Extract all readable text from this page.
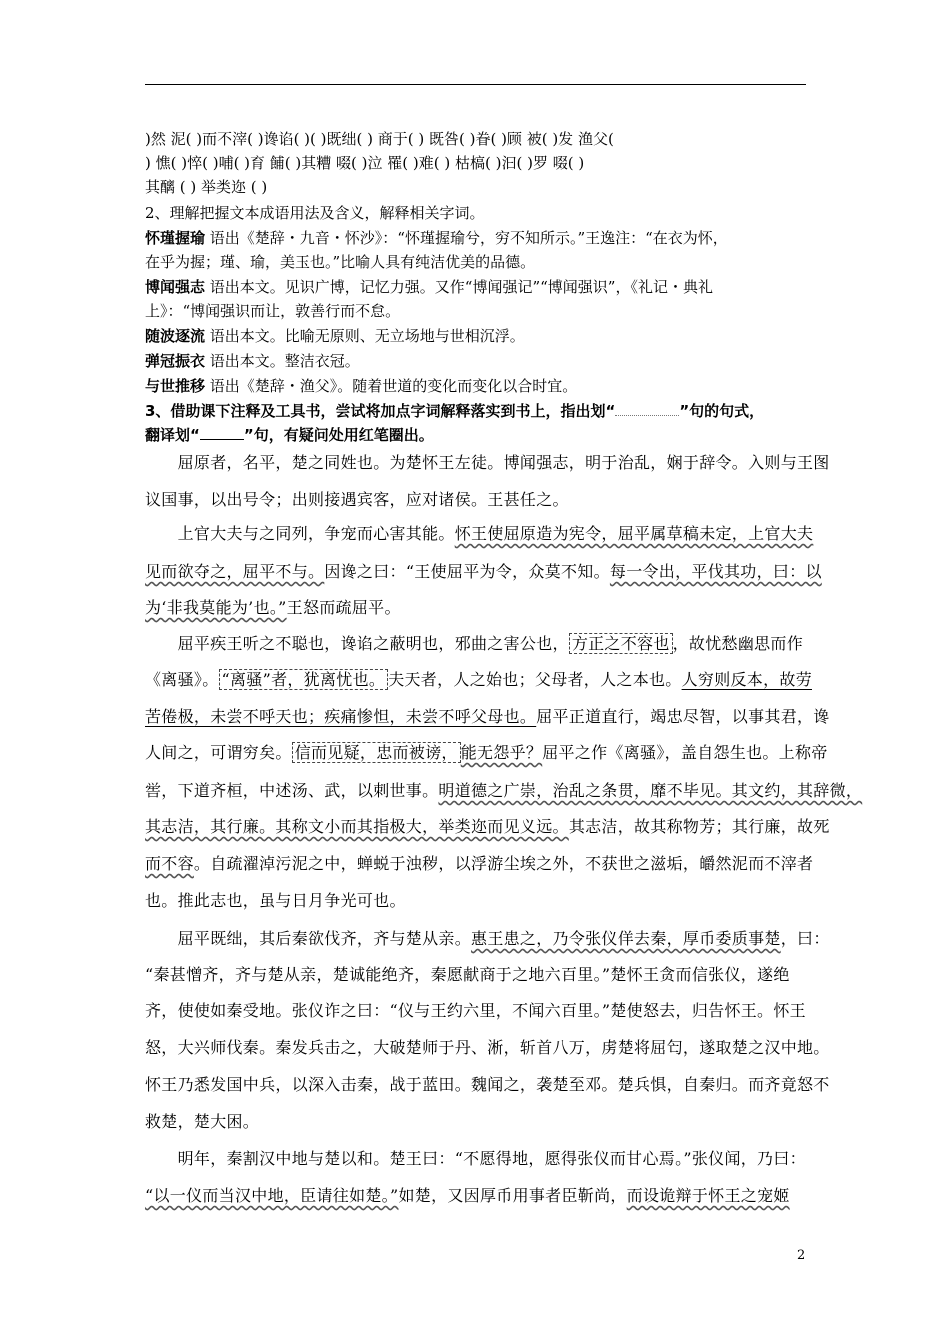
)然 泥( )而不滓( )谗谄( )( )既绌( ) 商于( ) 既咎( )眷( )顾 被( )发 渔父(
) 憔( )悴( )哺( )育 餔( )其糟 啜( )泣 罹( )难( ) 枯槁( )汩( )罗 啜( )
其醨 ( ) 举类迩 ( )
2、理解把握文本成语用法及含义，解释相关字词。
怀瑾握瑜 语出《楚辞・九音・怀沙》：“怀瑾握瑜兮，穷不知所示。”王逸注：“在衣为怀，
在乎为握；瑾、瑜，美玉也。”比喻人具有纯洁优美的品德。
博闻强志 语出本文。见识广博，记忆力强。又作“博闻强记”“博闻强识”，《礼记・典礼
上》：“博闻强识而让，敦善行而不怠。
随波逐流 语出本文。比喻无原则、无立场地与世相沉浮。
弹冠振衣 语出本文。整洁衣冠。
与世推移 语出《楚辞・渔父》。随着世道的变化而变化以合时宜。
3、借助课下注释及工具书，尝试将加点字词解释落实到书上，指出划“	”句的句式，
翻译划“	”句，有疑问处用红笔圈出。
　　屈原者，名平，楚之同姓也。为楚怀王左徒。博闻强志，明于治乱，娴于辞令。入则与王图
议国事，以出号令；出则接遇宾客，应对诸侯。王甚任之。
　　上官大夫与之同列，争宠而心害其能。怀王使屈原造为宪令，屈平属草稿未定，上官大夫
见而欲夺之，屈平不与。因谗之曰：“王使屈平为令，众莫不知。每一令出，平伐其功，曰：以
为‘非我莫能为’也。”王怒而疏屈平。
　　屈平疾王听之不聪也，谗谄之蔽明也，邪曲之害公也， 方正之不容也 ，故忧愁幽思而作
《离骚》。 “离骚”者，犹离忧也。 夫天者，人之始也；父母者，人之本也。人穷则反本，故劳
苦倦极，未尝不呼天也；疾痛惨怛，未尝不呼父母也。屈平正道直行，竭忠尽智，以事其君，谗
人间之，可谓穷矣。 信而见疑，忠而被谤， 能无怨乎？屈平之作《离骚》，盖自怨生也。上称帝
喾，下道齐桓，中述汤、武，以刺世事。明道德之广崇，治乱之条贯，靡不毕见。其文约，其辞微，
其志洁，其行廉。其称文小而其指极大，举类迩而见义远。其志洁，故其称物芳；其行廉，故死
而不容。自疏濯淖污泥之中，蝉蜕于浊秽，以浮游尘埃之外，不获世之滋垢，皭然泥而不滓者
也。推此志也，虽与日月争光可也。
　　屈平既绌，其后秦欲伐齐，齐与楚从亲。惠王患之，乃令张仪佯去秦，厚币委质事楚，曰：
“秦甚憎齐，齐与楚从亲，楚诚能绝齐，秦愿献商于之地六百里。”楚怀王贪而信张仪，遂绝
齐，使使如秦受地。张仪诈之曰：“仪与王约六里，不闻六百里。”楚使怒去，归告怀王。怀王
怒，大兴师伐秦。秦发兵击之，大破楚师于丹、淅，斩首八万，虏楚将屈匄，遂取楚之汉中地。
怀王乃悉发国中兵，以深入击秦，战于蓝田。魏闻之，袭楚至邓。楚兵惧，自秦归。而齐竟怒不
救楚，楚大困。
　　明年，秦割汉中地与楚以和。楚王曰：“不愿得地，愿得张仪而甘心焉。”张仪闻，乃曰：
“以一仪而当汉中地，臣请往如楚。”如楚，又因厚币用事者臣靳尚，而设诡辩于怀王之宠姬
2
